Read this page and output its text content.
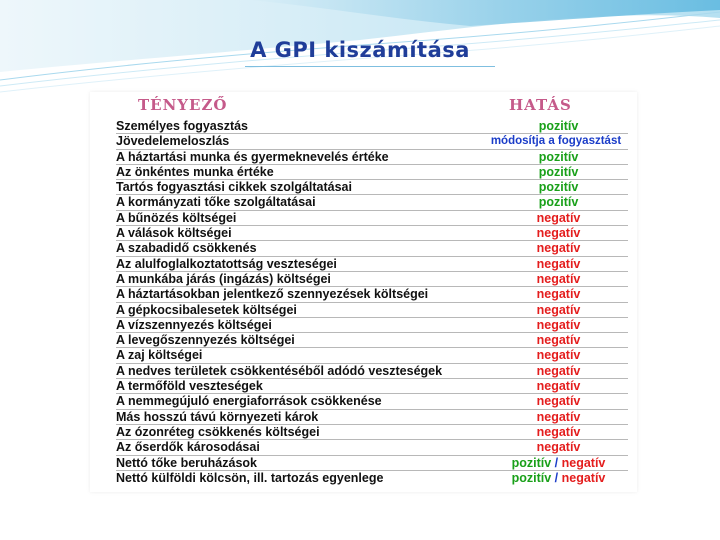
A GPI kiszámítása
TÉNYEZŐ	HATÁS
Személyes fogyasztás	pozitív
Jövedelemeloszlás	módosítja a fogyasztást
A háztartási munka és gyermeknevelés értéke	pozitív
Az önkéntes munka értéke	pozitív
Tartós fogyasztási cikkek szolgáltatásai	pozitív
A kormányzati tőke szolgáltatásai	pozitív
A bűnözés költségei	negatív
A válások költségei	negatív
A szabadidő csökkenés	negatív
Az alulfoglalkoztatottság veszteségei	negatív
A munkába járás (ingázás) költségei	negatív
A háztartásokban jelentkező szennyezések költségei	negatív
A gépkocsibalesetek költségei	negatív
A vízszennyezés költségei	negatív
A levegőszennyezés költségei	negatív
A zaj költségei	negatív
A nedves területek csökkentéséből adódó veszteségek	negatív
A termőföld veszteségek	negatív
A nemmegújuló energiaforrások csökkenése	negatív
Más hosszú távú környezeti károk	negatív
Az ózonréteg csökkenés költségei	negatív
Az őserdők károsodásai	negatív
Nettó tőke beruházások	pozitív / negatív
Nettó külföldi kölcsön, ill. tartozás egyenlege	pozitív / negatív
